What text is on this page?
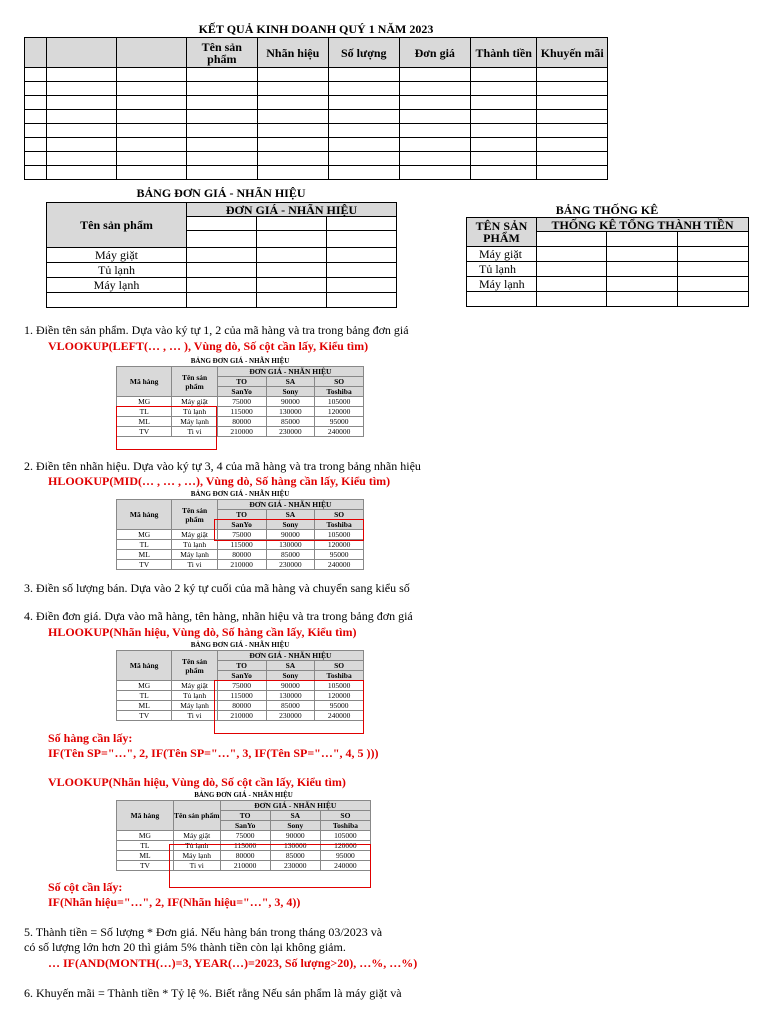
KẾT QUẢ KINH DOANH QUÝ 1 NĂM 2023
			Tên sản phẩm	Nhãn hiệu	Số lượng	Đơn giá	Thành tiền	Khuyến mãi

BẢNG ĐƠN GIÁ - NHÃN HIỆU
Tên sản phẩm	ĐƠN GIÁ - NHÃN HIỆU		

Máy giặt			
Tủ lạnh			
Máy lạnh			

BẢNG THỐNG KÊ
TÊN SẢN PHẨM	THỐNG KÊ TỔNG THÀNH TIỀN		

Máy giặt			
Tủ lạnh			
Máy lạnh			

1. Điền tên sản phẩm. Dựa vào ký tự 1, 2 của mã hàng và tra trong bảng đơn giá
VLOOKUP(LEFT(… , … ), Vùng dò, Số cột cần lấy, Kiểu tìm)
BẢNG ĐƠN GIÁ - NHÃN HIỆU
Mã hàng	Tên sản phẩm	ĐƠN GIÁ - NHÃN HIỆU		
		TO	SA	SO
		SanYo	Sony	Toshiba
MG	Máy giặt	75000	90000	105000
TL	Tủ lạnh	115000	130000	120000
ML	Máy lạnh	80000	85000	95000
TV	Ti vi	210000	230000	240000
2. Điền tên nhãn hiệu. Dựa vào ký tự 3, 4 của mã hàng và tra trong bảng nhãn hiệu
HLOOKUP(MID(… , … , …), Vùng dò, Số hàng cần lấy, Kiểu tìm)
BẢNG ĐƠN GIÁ - NHÃN HIỆU
Mã hàng	Tên sản phẩm	ĐƠN GIÁ - NHÃN HIỆU		
		TO	SA	SO
		SanYo	Sony	Toshiba
MG	Máy giặt	75000	90000	105000
TL	Tủ lạnh	115000	130000	120000
ML	Máy lạnh	80000	85000	95000
TV	Ti vi	210000	230000	240000
3. Điền số lượng bán. Dựa vào 2 ký tự cuối của mã hàng và chuyển sang kiểu số
4. Điền đơn giá. Dựa vào mã hàng, tên hàng, nhãn hiệu và tra trong bảng đơn giá
HLOOKUP(Nhãn hiệu, Vùng dò, Số hàng cần lấy, Kiểu tìm)
BẢNG ĐƠN GIÁ - NHÃN HIỆU
Mã hàng	Tên sản phẩm	ĐƠN GIÁ - NHÃN HIỆU		
		TO	SA	SO
		SanYo	Sony	Toshiba
MG	Máy giặt	75000	90000	105000
TL	Tủ lạnh	115000	130000	120000
ML	Máy lạnh	80000	85000	95000
TV	Ti vi	210000	230000	240000
Số hàng cần lấy:
IF(Tên SP="…", 2, IF(Tên SP="…", 3, IF(Tên SP="…", 4, 5 )))
VLOOKUP(Nhãn hiệu, Vùng dò, Số cột cần lấy, Kiểu tìm)
BẢNG ĐƠN GIÁ - NHÃN HIỆU
Mã hàng	Tên sản phẩm	ĐƠN GIÁ - NHÃN HIỆU		
		TO	SA	SO
		SanYo	Sony	Toshiba
MG	Máy giặt	75000	90000	105000
TL	Tủ lạnh	115000	130000	120000
ML	Máy lạnh	80000	85000	95000
TV	Ti vi	210000	230000	240000
Số cột cần lấy:
IF(Nhãn hiệu="…", 2, IF(Nhãn hiệu="…", 3, 4))
5. Thành tiền = Số lượng * Đơn giá. Nếu hàng bán trong tháng 03/2023 và
có số lượng lớn hơn 20 thì giảm 5% thành tiền còn lại không giảm.
… IF(AND(MONTH(…)=3, YEAR(…)=2023, Số lượng>20), …%, …%)
6. Khuyến mãi = Thành tiền * Tỷ lệ %. Biết rằng Nếu sản phẩm là máy giặt và
